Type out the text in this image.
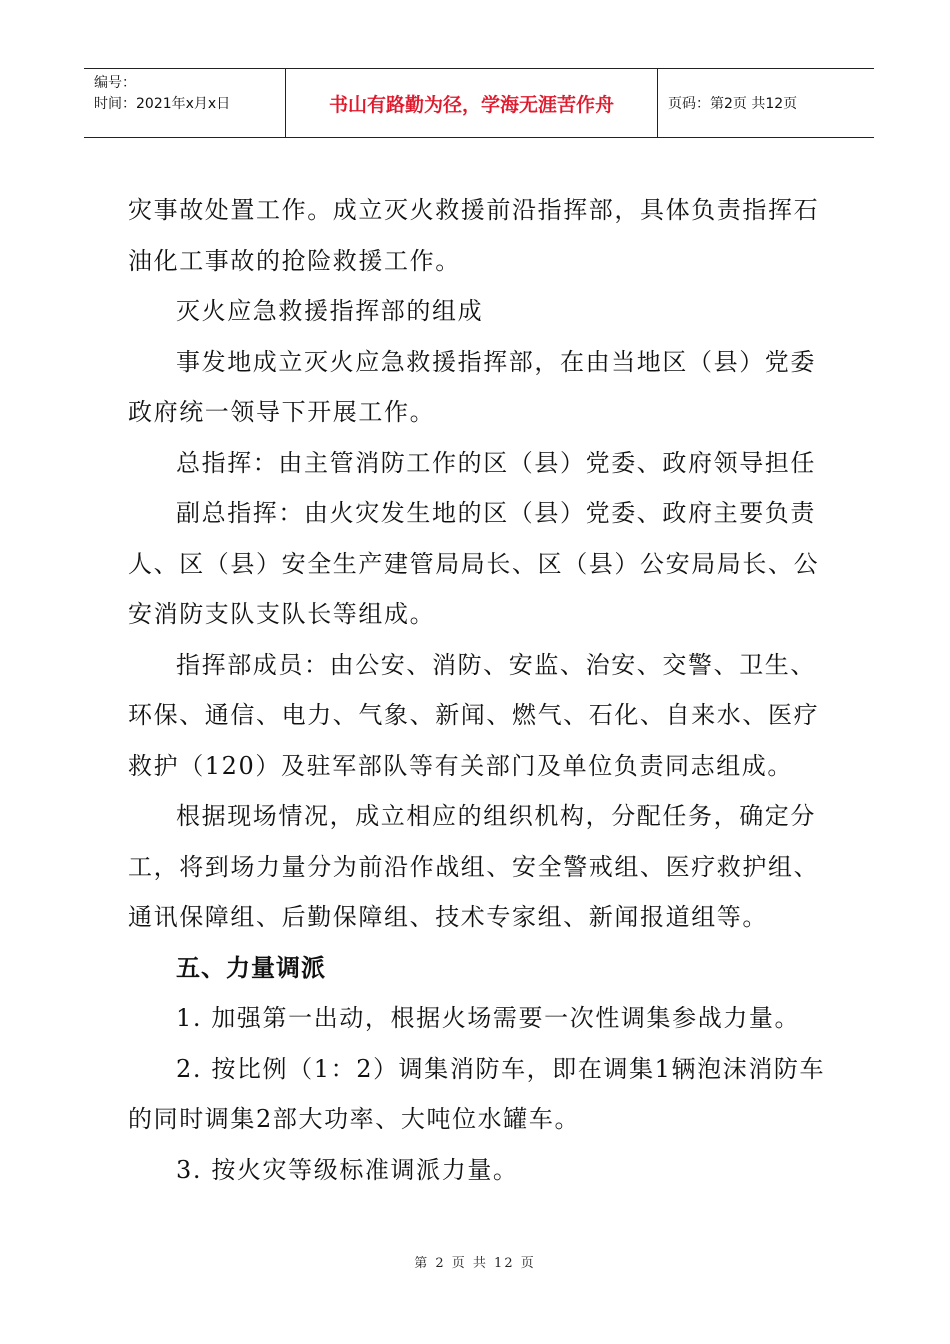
编号：
时间：2021年x月x日	书山有路勤为径，学海无涯苦作舟	页码：第2页 共12页

灾事故处置工作。成立灭火救援前沿指挥部，具体负责指挥石油化工事故的抢险救援工作。

灭火应急救援指挥部的组成

事发地成立灭火应急救援指挥部，在由当地区（县）党委政府统一领导下开展工作。

总指挥：由主管消防工作的区（县）党委、政府领导担任

副总指挥：由火灾发生地的区（县）党委、政府主要负责人、区（县）安全生产建管局局长、区（县）公安局局长、公安消防支队支队长等组成。

指挥部成员：由公安、消防、安监、治安、交警、卫生、环保、通信、电力、气象、新闻、燃气、石化、自来水、医疗救护（120）及驻军部队等有关部门及单位负责同志组成。

根据现场情况，成立相应的组织机构，分配任务，确定分工，将到场力量分为前沿作战组、安全警戒组、医疗救护组、通讯保障组、后勤保障组、技术专家组、新闻报道组等。

五、力量调派

1. 加强第一出动，根据火场需要一次性调集参战力量。

2. 按比例（1：2）调集消防车，即在调集1辆泡沫消防车的同时调集2部大功率、大吨位水罐车。

3. 按火灾等级标准调派力量。

第 2 页 共 12 页
